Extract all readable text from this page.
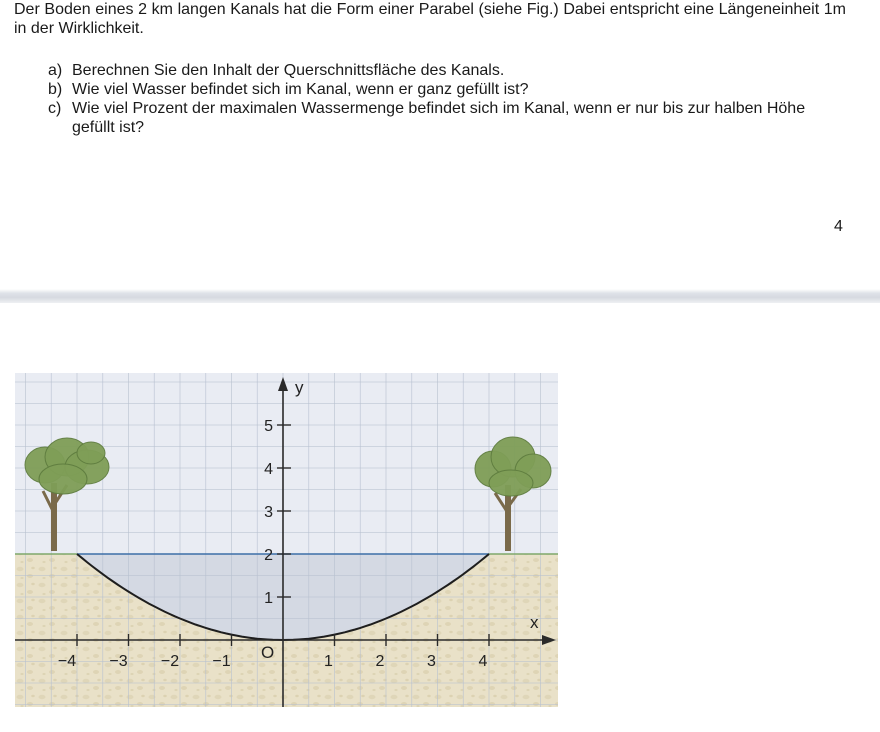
Der Boden eines 2 km langen Kanals hat die Form einer Parabel (siehe Fig.) Dabei entspricht eine Längeneinheit 1m in der Wirklichkeit.
a) Berechnen Sie den Inhalt der Querschnittsfläche des Kanals.
b) Wie viel Wasser befindet sich im Kanal, wenn er ganz gefüllt ist?
c) Wie viel Prozent der maximalen Wassermenge befindet sich im Kanal, wenn er nur bis zur halben Höhe gefüllt ist?
4
x
y
O
−4 −3 −2 −1	1	2	3	4
1
2
3
4
5
